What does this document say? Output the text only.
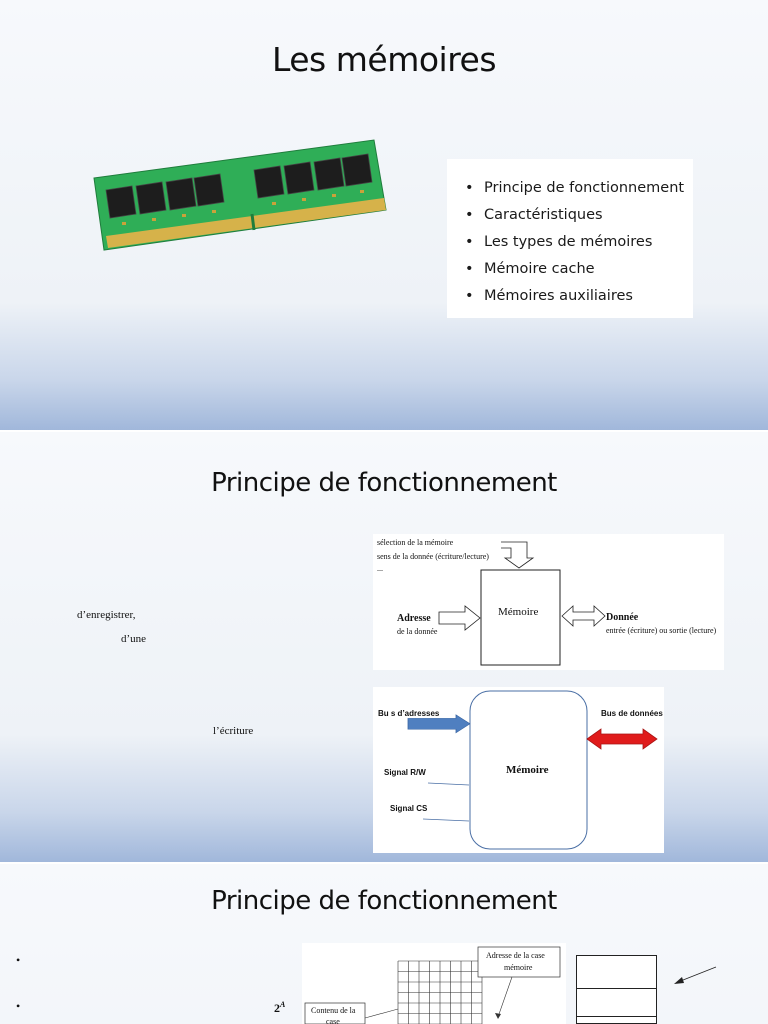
Les mémoires
• Principe de fonctionnement
• Caractéristiques
• Les types de mémoires
• Mémoire cache
• Mémoires auxiliaires
Principe de fonctionnement
d’enregistrer,
d’une
l’écriture
sélection de la mémoire
sens de la donnée (écriture/lecture)
...
Mémoire
Adresse
de la donnée
Donnée
entrée (écriture) ou sortie (lecture)
Bu s d’adresses	Bus de données
Mémoire
Signal R/W
Signal CS
Principe de fonctionnement
•
•	$2^A$
Adresse de la case
mémoire
Contenu de la
case
